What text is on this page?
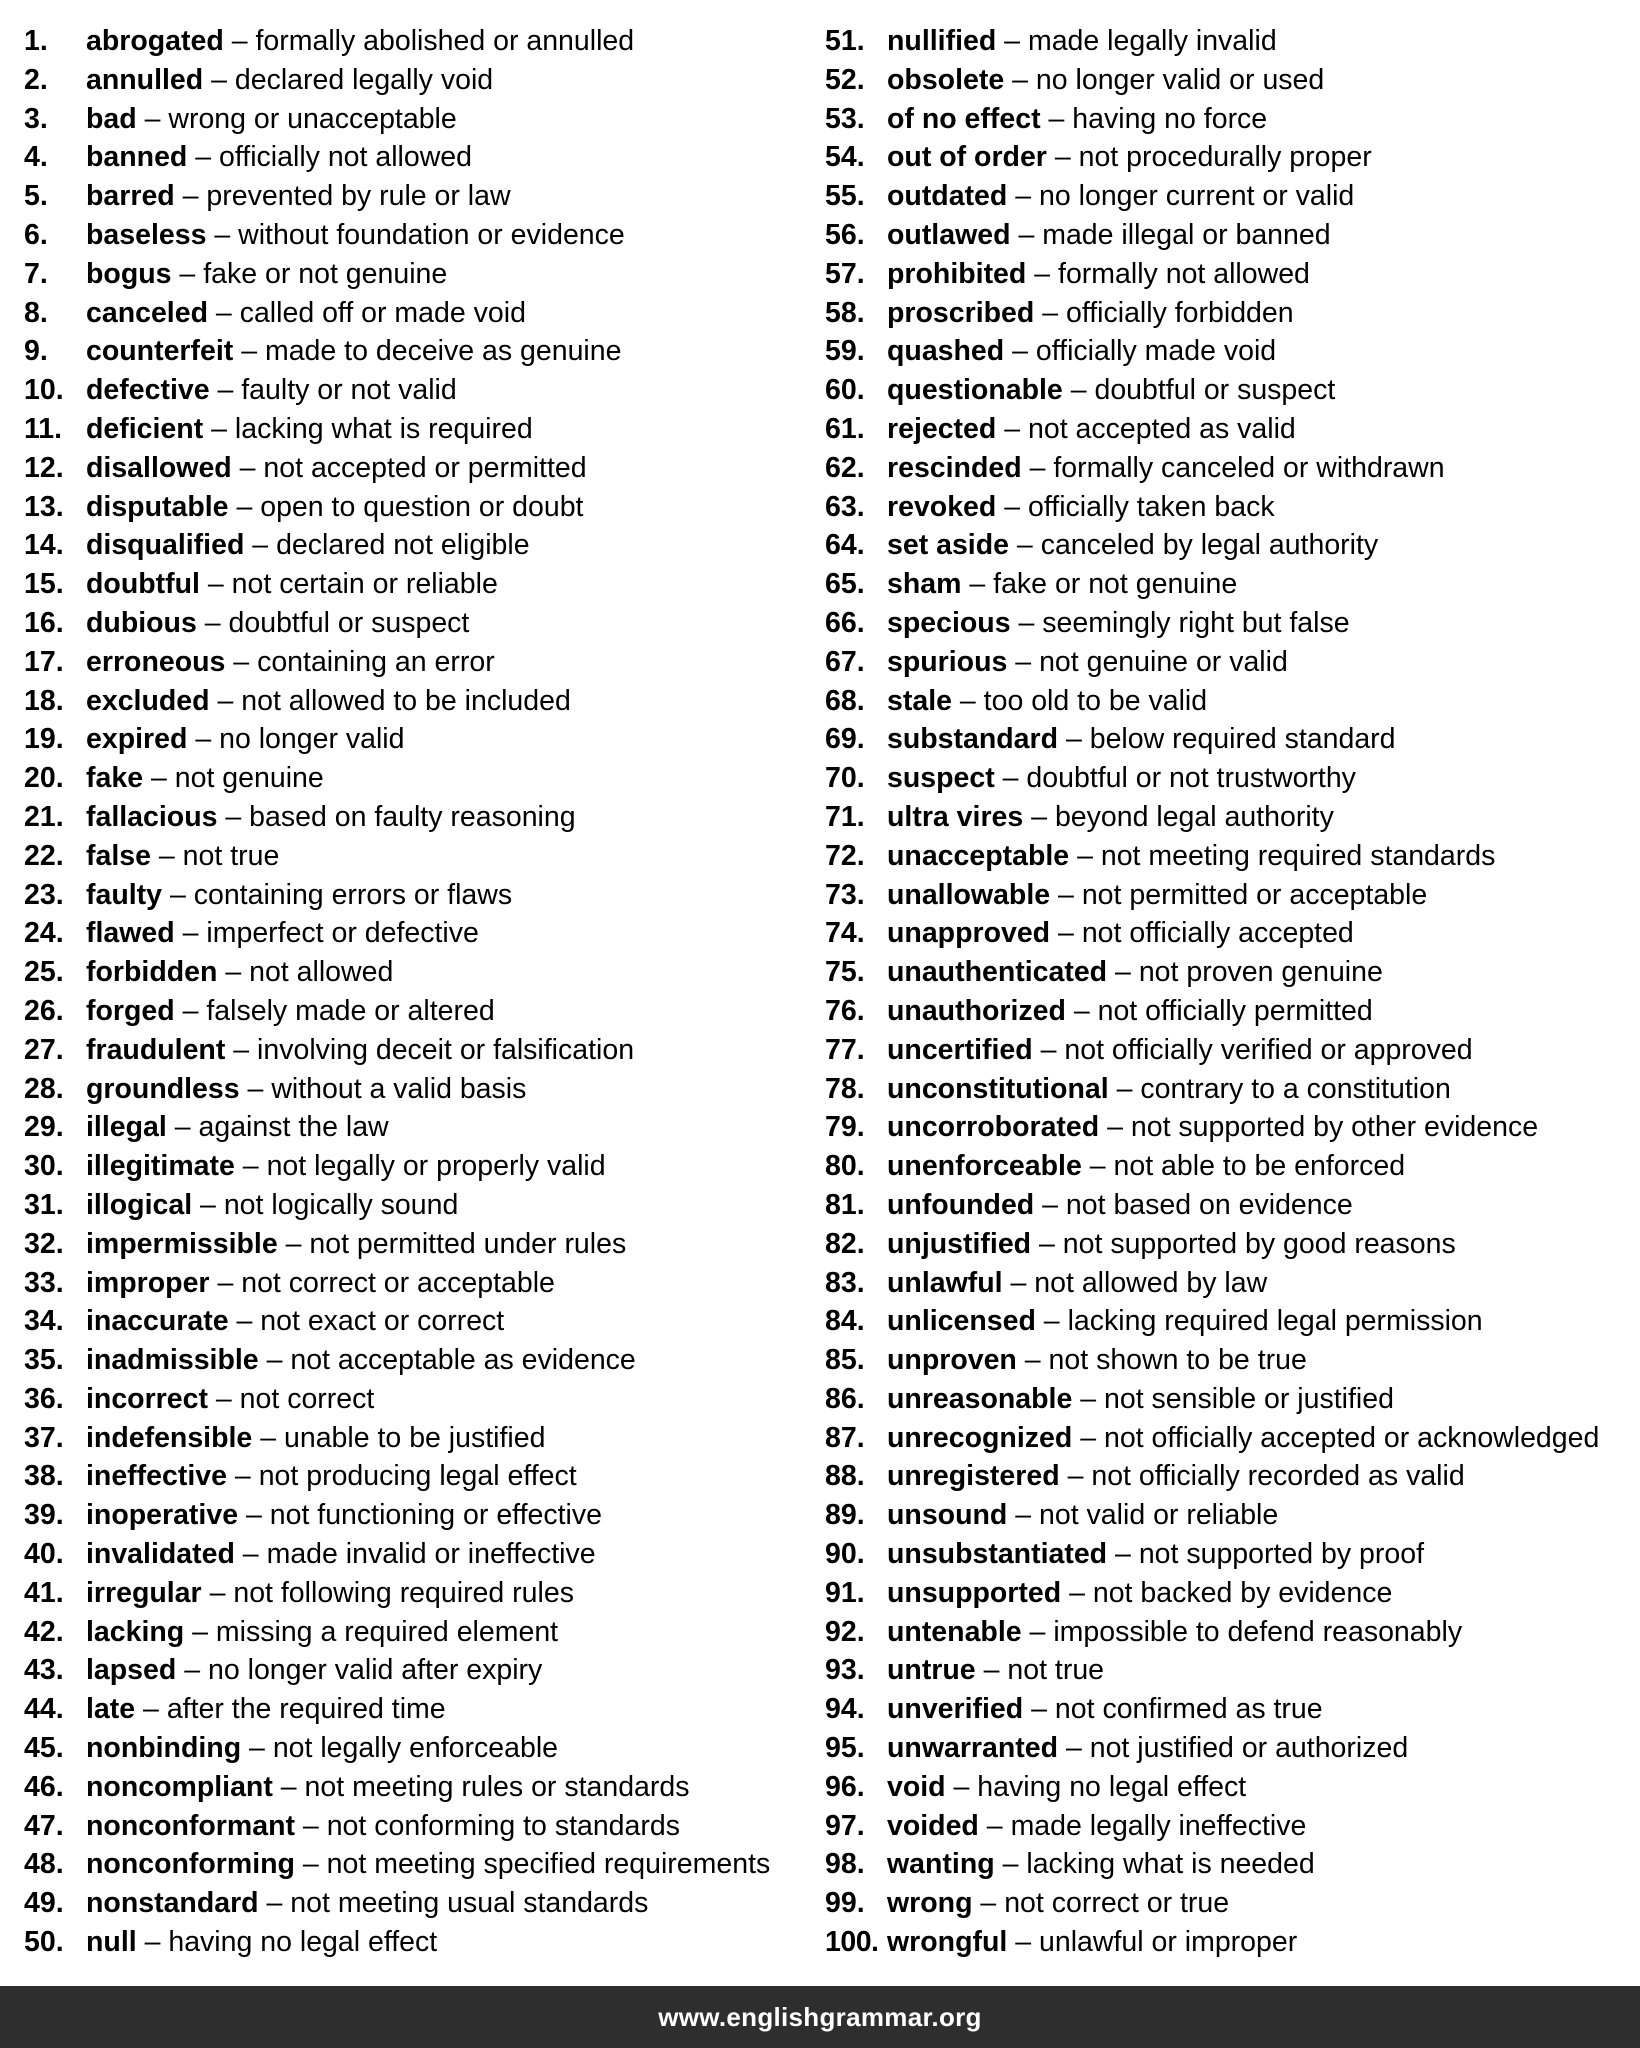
1.	abrogated
–
formally abolished or annulled
2.	annulled
–
declared legally void
3.	bad
–
wrong or unacceptable
4.	banned
–
officially not allowed
5.	barred
–
prevented by rule or law
6.	baseless
–
without foundation or evidence
7.	bogus
–
fake or not genuine
8.	canceled
–
called off or made void
9.	counterfeit
–
made to deceive as genuine
10. defective
–
faulty or not valid
11. deficient
–
lacking what is required
12. disallowed
–
not accepted or permitted
13. disputable
–
open to question or doubt
14. disqualified
–
declared not eligible
15. doubtful
–
not certain or reliable
16. dubious
–
doubtful or suspect
17. erroneous
–
containing an error
18. excluded
–
not allowed to be included
19. expired
–
no longer valid
20. fake
–
not genuine
21. fallacious
–
based on faulty reasoning
22. false
–
not true
23. faulty
–
containing errors or flaws
24. flawed
–
imperfect or defective
25. forbidden
–
not allowed
26. forged
–
falsely made or altered
27. fraudulent
–
involving deceit or falsification
28. groundless
–
without a valid basis
29. illegal
–
against the law
30. illegitimate
–
not legally or properly valid
31. illogical
–
not logically sound
32. impermissible
–
not permitted under rules
33. improper
–
not correct or acceptable
34. inaccurate
–
not exact or correct
35. inadmissible
–
not acceptable as evidence
36. incorrect
–
not correct
37. indefensible
–
unable to be justified
38. ineffective
–
not producing legal effect
39. inoperative
–
not functioning or effective
40. invalidated
–
made invalid or ineffective
41. irregular
–
not following required rules
42. lacking
–
missing a required element
43. lapsed
–
no longer valid after expiry
44. late
–
after the required time
45. nonbinding
–
not legally enforceable
46. noncompliant
–
not meeting rules or standards
47. nonconformant
–
not conforming to standards
48. nonconforming
–
not meeting specified requirements
49. nonstandard
–
not meeting usual standards
50. null
–
having no legal effect
51. nullified
–
made legally invalid
52. obsolete
–
no longer valid or used
53. of no effect
–
having no force
54. out of order
–
not procedurally proper
55. outdated
–
no longer current or valid
56. outlawed
–
made illegal or banned
57. prohibited
–
formally not allowed
58. proscribed
–
officially forbidden
59. quashed
–
officially made void
60. questionable
–
doubtful or suspect
61. rejected
–
not accepted as valid
62. rescinded
–
formally canceled or withdrawn
63. revoked
–
officially taken back
64. set aside
–
canceled by legal authority
65. sham
–
fake or not genuine
66. specious
–
seemingly right but false
67. spurious
–
not genuine or valid
68. stale
–
too old to be valid
69. substandard
–
below required standard
70. suspect
–
doubtful or not trustworthy
71. ultra vires
–
beyond legal authority
72. unacceptable
–
not meeting required standards
73. unallowable
–
not permitted or acceptable
74. unapproved
–
not officially accepted
75. unauthenticated
–
not proven genuine
76. unauthorized
–
not officially permitted
77. uncertified
–
not officially verified or approved
78. unconstitutional
–
contrary to a constitution
79. uncorroborated
–
not supported by other evidence
80. unenforceable
–
not able to be enforced
81. unfounded
–
not based on evidence
82. unjustified
–
not supported by good reasons
83. unlawful
–
not allowed by law
84. unlicensed
–
lacking required legal permission
85. unproven
–
not shown to be true
86. unreasonable
–
not sensible or justified
87. unrecognized
–
not officially accepted or acknowledged
88. unregistered
–
not officially recorded as valid
89. unsound
–
not valid or reliable
90. unsubstantiated
–
not supported by proof
91. unsupported
–
not backed by evidence
92. untenable
–
impossible to defend reasonably
93. untrue
–
not true
94. unverified
–
not confirmed as true
95. unwarranted
–
not justified or authorized
96. void
–
having no legal effect
97. voided
–
made legally ineffective
98. wanting
–
lacking what is needed
99. wrong
–
not correct or true
100. wrongful
–
unlawful or improper
www.englishgrammar.org
